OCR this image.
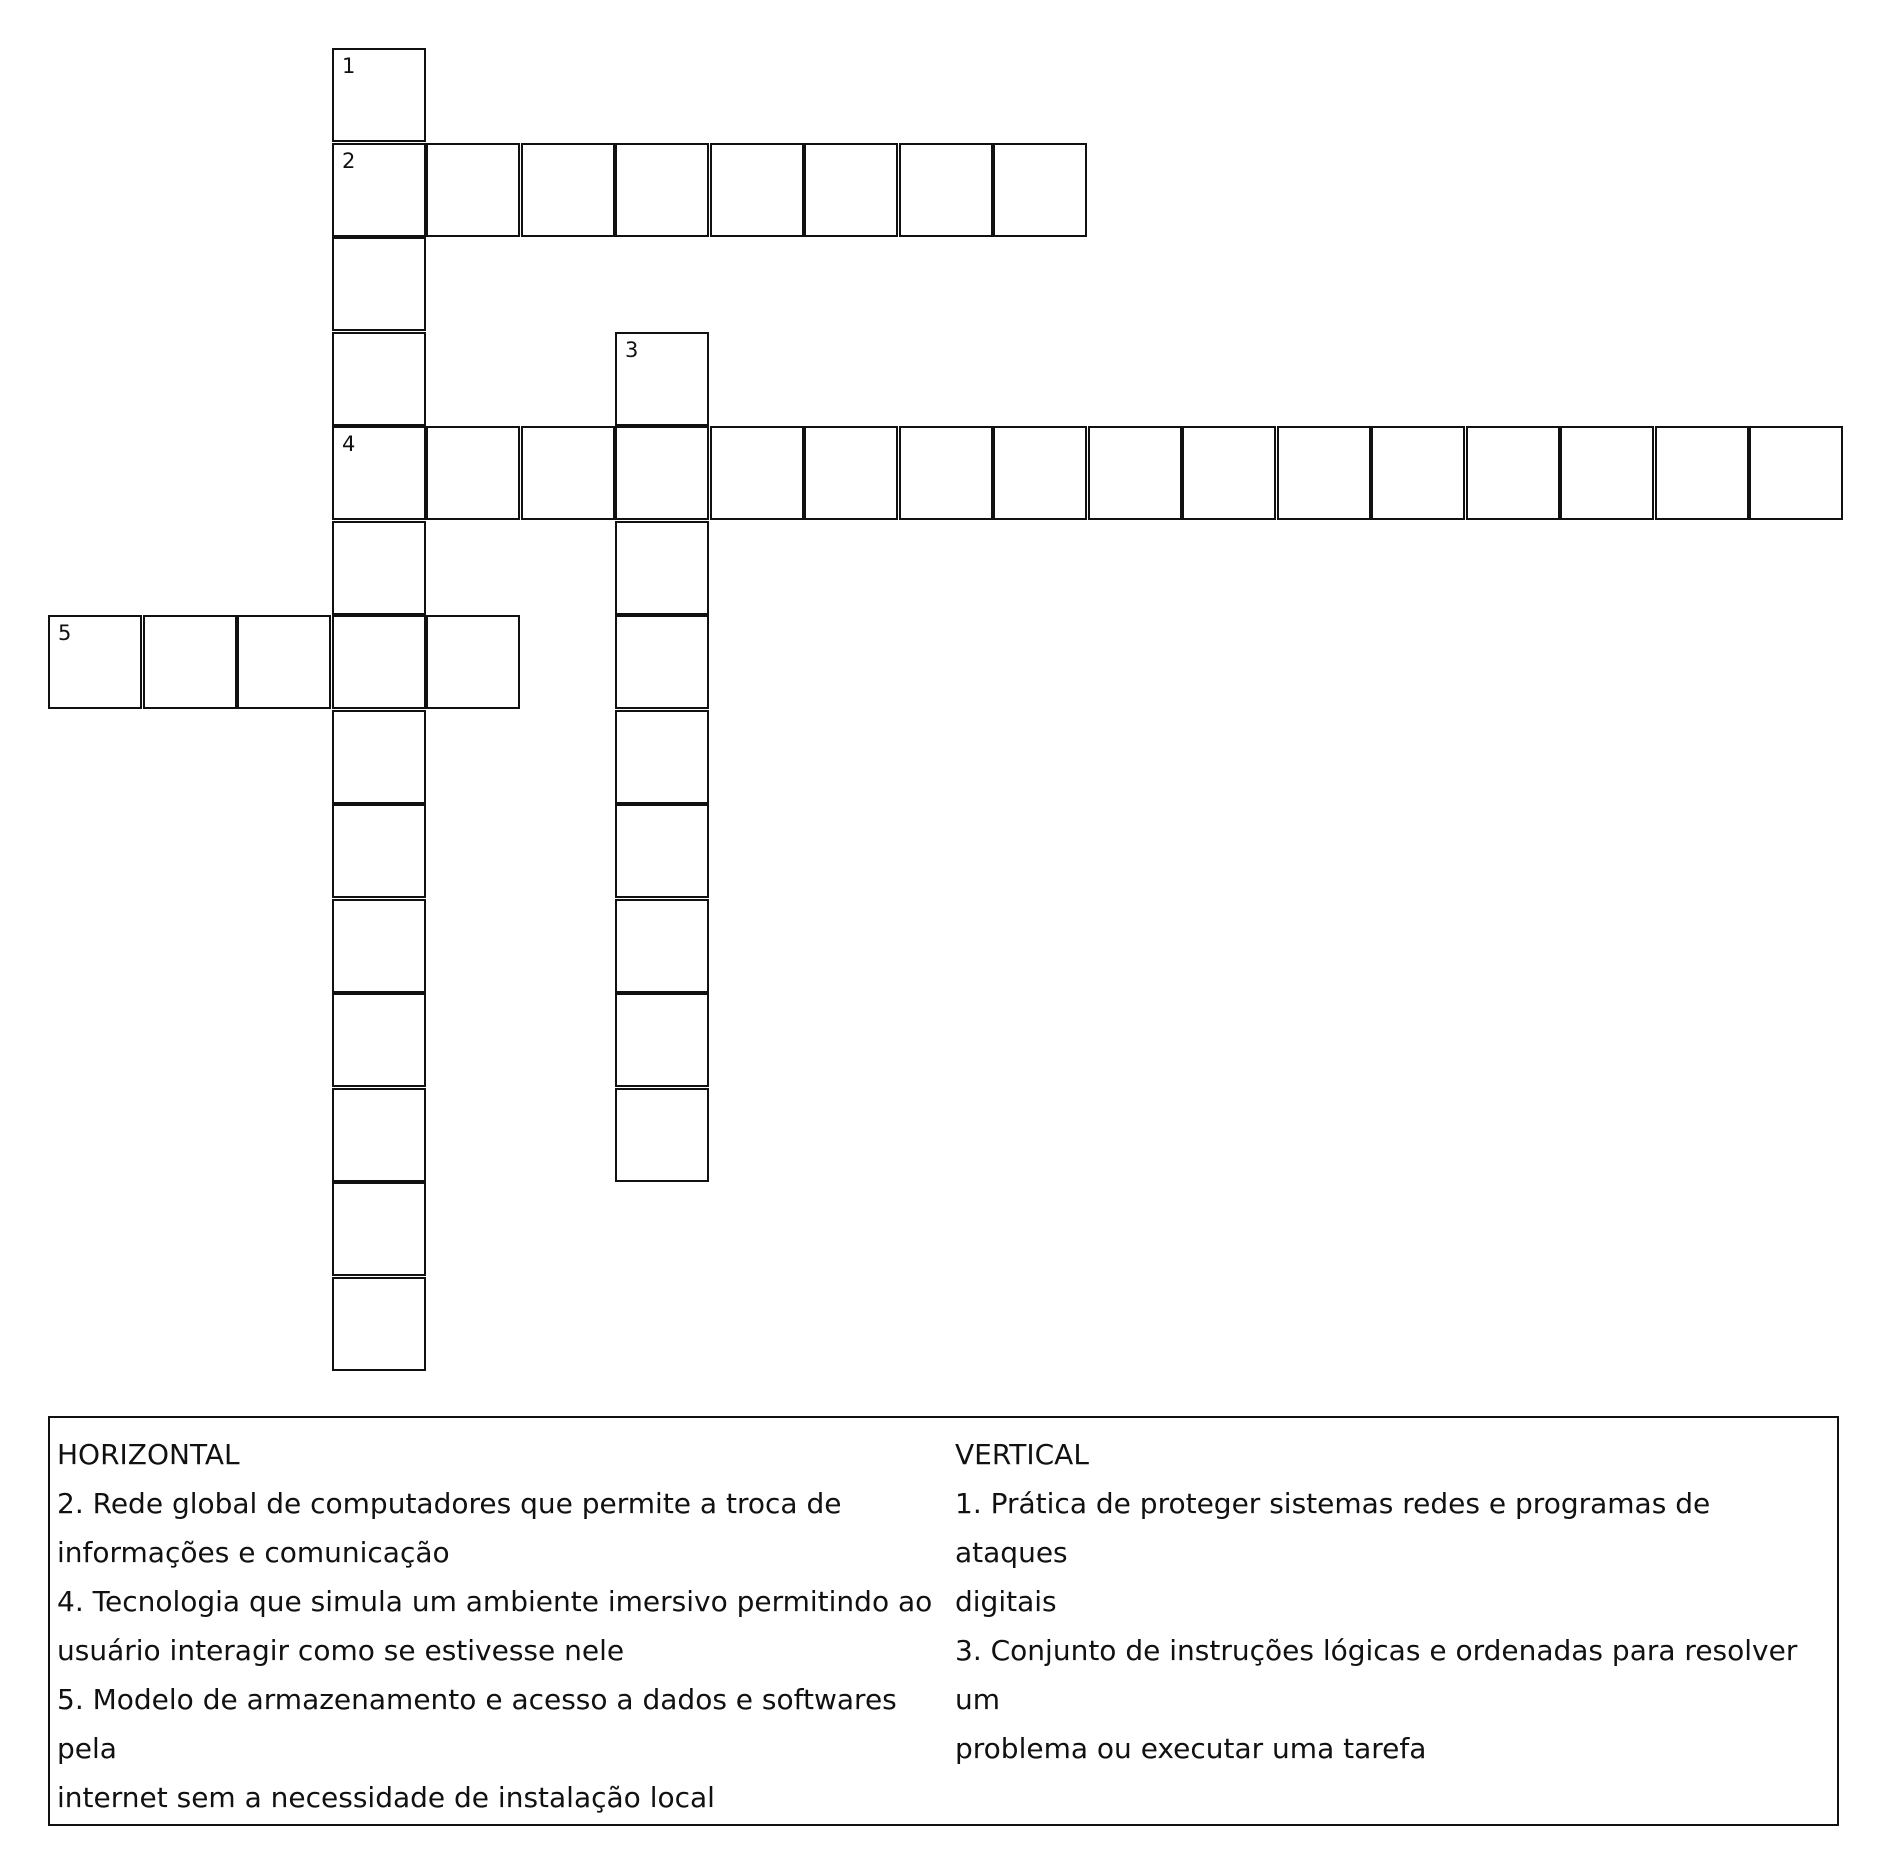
1
2
4
3
5
HORIZONTAL
2. Rede global de computadores que permite a troca de
informações e comunicação
4. Tecnologia que simula um ambiente imersivo permitindo ao
usuário interagir como se estivesse nele
5. Modelo de armazenamento e acesso a dados e softwares pela
internet sem a necessidade de instalação local
VERTICAL
1. Prática de proteger sistemas redes e programas de ataques
digitais
3. Conjunto de instruções lógicas e ordenadas para resolver um
problema ou executar uma tarefa
